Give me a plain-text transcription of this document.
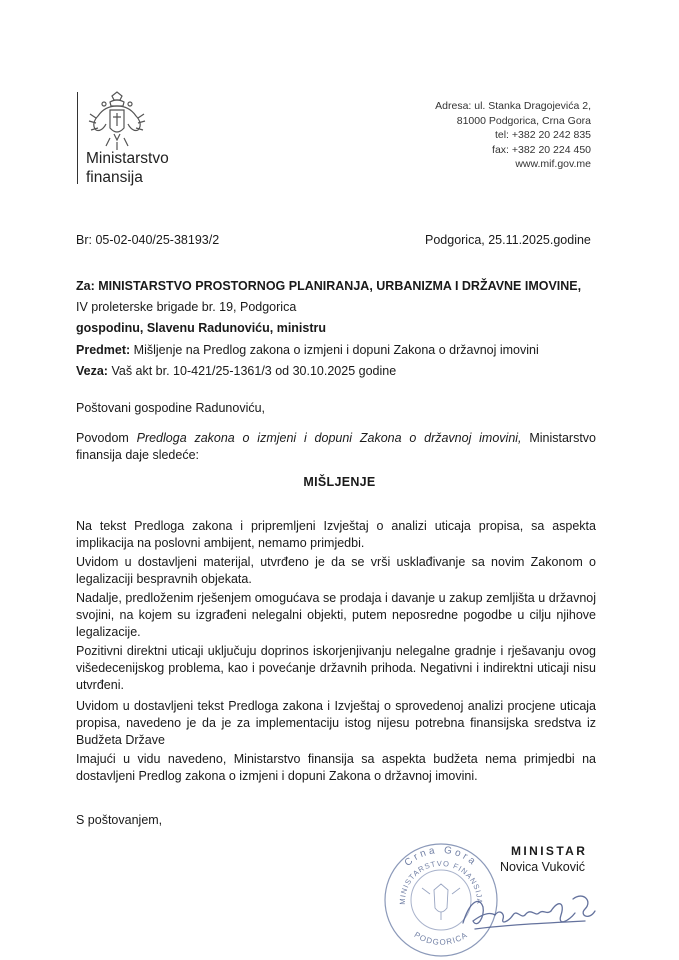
Ministarstvo
finansija
Adresa: ul. Stanka Dragojevića 2,
81000 Podgorica, Crna Gora
tel: +382 20 242 835
fax: +382 20 224 450
www.mif.gov.me
Br: 05-02-040/25-38193/2	Podgorica, 25.11.2025.godine
Za: MINISTARSTVO PROSTORNOG PLANIRANJA, URBANIZMA I DRŽAVNE IMOVINE,
IV proleterske brigade br. 19, Podgorica
gospodinu, Slavenu Radunoviću, ministru
Predmet: Mišljenje na Predlog zakona o izmjeni i dopuni Zakona o državnoj imovini
Veza: Vaš akt br. 10-421/25-1361/3 od 30.10.2025 godine
Poštovani gospodine Radunoviću,
Povodom Predloga zakona o izmjeni i dopuni Zakona o državnoj imovini, Ministarstvo finansija daje sledeće:
MIŠLJENJE
Na tekst Predloga zakona i pripremljeni Izvještaj o analizi uticaja propisa, sa aspekta implikacija na poslovni ambijent, nemamo primjedbi.
Uvidom u dostavljeni materijal, utvrđeno je da se vrši usklađivanje sa novim Zakonom o legalizaciji bespravnih objekata.
Nadalje, predloženim rješenjem omogućava se prodaja i davanje u zakup zemljišta u državnoj svojini, na kojem su izgrađeni nelegalni objekti, putem neposredne pogodbe u cilju njihove legalizacije.
Pozitivni direktni uticaji uključuju doprinos iskorjenjivanju nelegalne gradnje i rješavanju ovog višedecenijskog problema, kao i povećanje državnih prihoda. Negativni i indirektni uticaji nisu utvrđeni.
Uvidom u dostavljeni tekst Predloga zakona i Izvještaj o sprovedenoj analizi procjene uticaja propisa, navedeno je da je za implementaciju istog nijesu potrebna finansijska sredstva iz Budžeta Države
Imajući u vidu navedeno, Ministarstvo finansija sa aspekta budžeta nema primjedbi na dostavljeni Predlog zakona o izmjeni i dopuni Zakona o državnoj imovini.
S poštovanjem,
Crna Gora
MINISTARSTVO FINANSIJA
PODGORICA
MINISTAR
Novica Vuković
